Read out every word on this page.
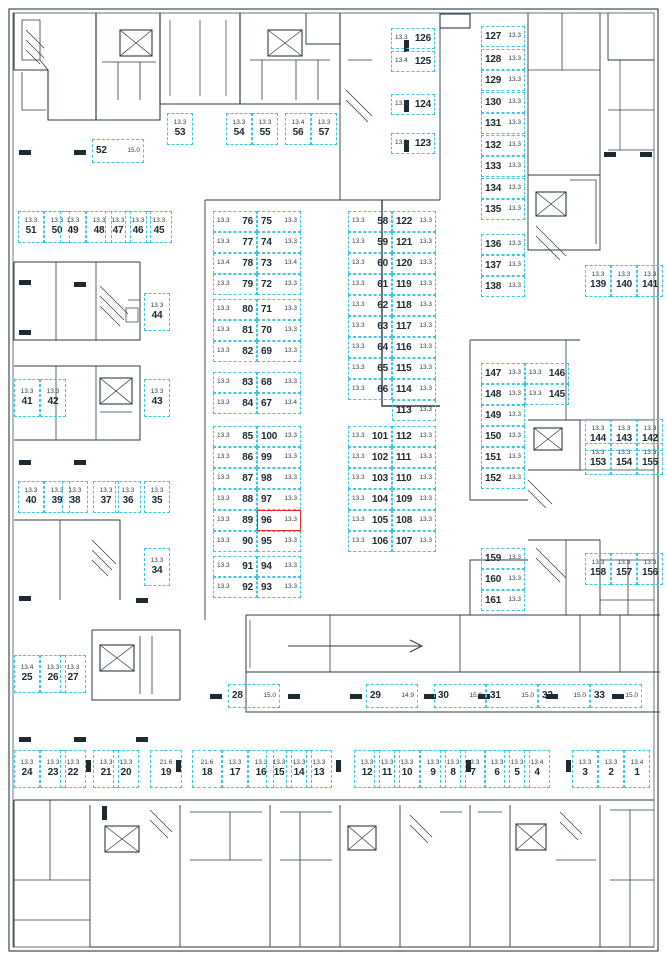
13.3 126
13.4 125
13.3 124
13.3 123
127 13.3
128 13.3
129 13.3
130 13.3
131 13.3
132 13.3
133 13.3
134 13.3
135 13.3
136 13.3
137 13.3
138 13.3
13.3
139
13.3
140
13.3
141
52	15.0
13.3
53
13.3
54
13.3
55
13.4
56
13.3
57
13.3
51
13.3
50
13.3
49
13.3
48
13.3
47
13.3
46
13.3
45
13.3
44
13.3
43
13.3
41
13.3
42
13.3
40
13.3
39
13.3
38
13.3
37
13.3
36
13.3
35
13.3
34
13.4
25
13.3
26
13.3
27
13.3 76
13.3 77
13.4 78
13.3 79
13.3 80
13.3 81
13.3 82
13.3 83
13.3 84
13.3 85
13.3 86
13.3 87
13.3 88
13.3 89
13.3 90
13.3 91
13.3 92
75 13.3
74 13.3
73 13.4
72 13.3
71 13.3
70 13.3
69 13.3
68 13.3
67 13.4
100 13.3
99 13.3
98 13.3
97 13.3
96 13.3
95 13.3
94 13.3
93 13.3
13.3 58
13.3 59
13.3 60
13.3 61
13.3 62
13.3 63
13.3 64
13.3 65
13.3 66
122 13.3
121 13.3
120 13.3
119 13.3
118 13.3
117 13.3
116 13.3
115 13.3
114 13.3
113 13.3
112 13.3
111 13.3
110 13.3
109 13.3
108 13.3
107 13.3
13.3 101
13.3 102
13.3 103
13.3 104
13.3 105
13.3 106
147 13.3
148 13.3
149 13.3
150 13.3
151 13.3
152 13.3
13.3 146
13.3 145
13.3
144
13.3
143
13.3
142
13.3
153
13.3
154
13.3
155
159 13.3
160 13.3
161 13.3
13.3
158
13.3
157
13.3
156
28	15.0	29	14.9 30	15.0 31	15.0 32	15.0 33	15.0
13.3
24
13.3
23
13.3
22
13.3
21
13.3
20
21.6
19
21.6
18
13.3
17
13.3
16
13.3
15
13.3
14
13.3
13
13.3
12
13.3
11
13.3
10
13.3
9
13.3
8
13.3
7
13.3
6
13.3
5
13.4
4
13.3
3
13.3
2
13.4
1
